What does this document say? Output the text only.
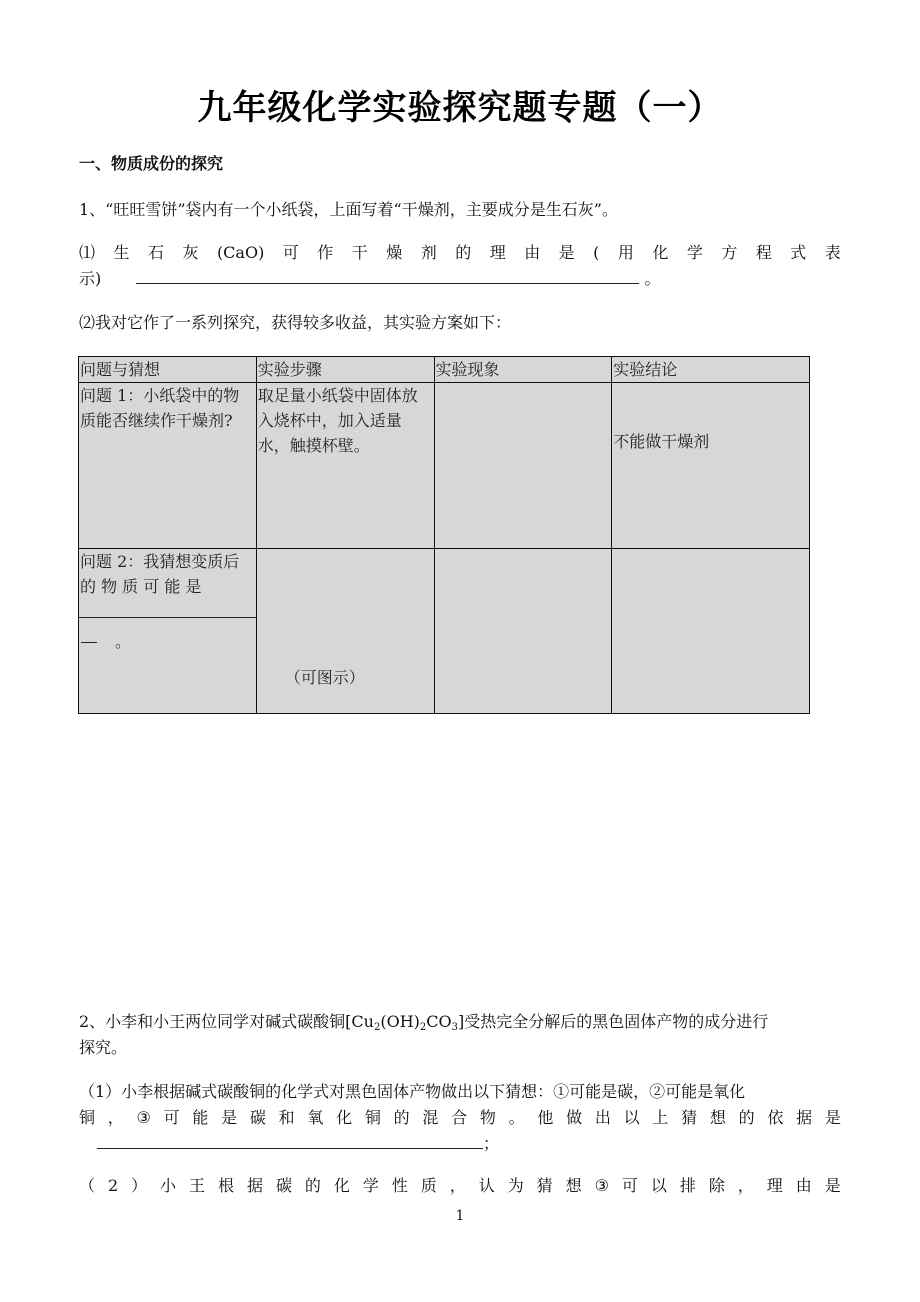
九年级化学实验探究题专题（一）
一、物质成份的探究
1、“旺旺雪饼”袋内有一个小纸袋，上面写着“干燥剂，主要成分是生石灰”。
⑴ 生 石 灰 (CaO) 可 作 干 燥 剂 的 理 由 是 ( 用 化 学 方 程 式 表
示)	。
⑵我对它作了一系列探究，获得较多收益，其实验方案如下：
问题与猜想	实验步骤	实验现象	实验结论
问题 1：小纸袋中的物质能否继续作干燥剂?	取足量小纸袋中固体放入烧杯中，加入适量水，触摸杯壁。		不能做干燥剂

问题 2：我猜想变质后的 物 质 可 能 是
。	（可图示）		

2、小李和小王两位同学对碱式碳酸铜$[Cu_2(OH)_2CO_3]$受热完全分解后的黑色固体产物的成分进行
探究。
（1）小李根据碱式碳酸铜的化学式对黑色固体产物做出以下猜想：①可能是碳，②可能是氧化
铜 ， ③ 可 能 是 碳 和 氧 化 铜 的 混 合 物 。 他 做 出 以 上 猜 想 的 依 据 是
；
（ 2 ） 小 王 根 据 碳 的 化 学 性 质 ， 认 为 猜 想 ③ 可 以 排 除 ， 理 由 是
1
